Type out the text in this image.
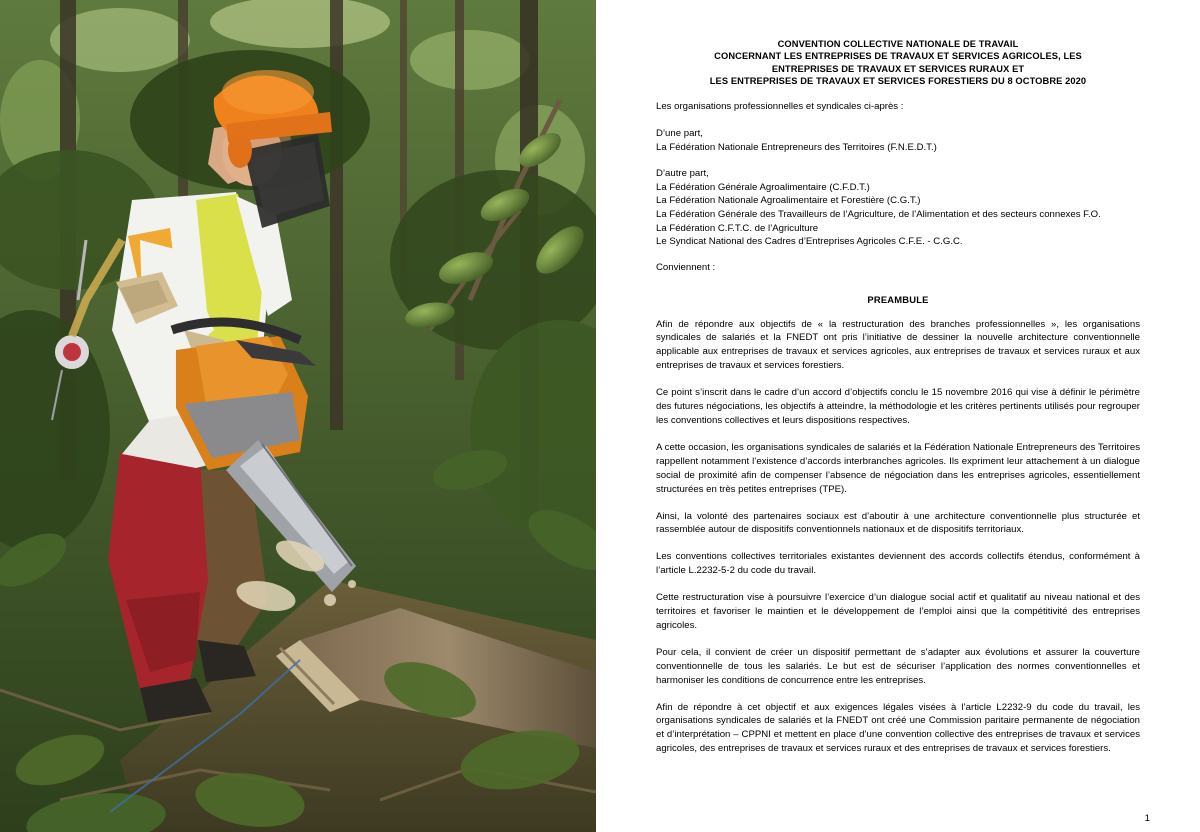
CONVENTION COLLECTIVE NATIONALE DE TRAVAIL
CONCERNANT LES ENTREPRISES DE TRAVAUX ET SERVICES AGRICOLES, LES
ENTREPRISES DE TRAVAUX ET SERVICES RURAUX ET
LES ENTREPRISES DE TRAVAUX ET SERVICES FORESTIERS DU 8 OCTOBRE 2020
Les organisations professionnelles et syndicales ci-après :
D’une part,
La Fédération Nationale Entrepreneurs des Territoires (F.N.E.D.T.)
D’autre part,
La Fédération Générale Agroalimentaire (C.F.D.T.)
La Fédération Nationale Agroalimentaire et Forestière (C.G.T.)
La Fédération Générale des Travailleurs de l’Agriculture, de l’Alimentation et des secteurs connexes F.O.
La Fédération C.F.T.C. de l’Agriculture
Le Syndicat National des Cadres d’Entreprises Agricoles C.F.E. - C.G.C.
Conviennent :
PREAMBULE
Afin de répondre aux objectifs de « la restructuration des branches professionnelles », les organisations syndicales de salariés et la FNEDT ont pris l’initiative de dessiner la nouvelle architecture conventionnelle applicable aux entreprises de travaux et services agricoles, aux entreprises de travaux et services ruraux et aux entreprises de travaux et services forestiers.
Ce point s’inscrit dans le cadre d’un accord d’objectifs conclu le 15 novembre 2016 qui vise à définir le périmètre des futures négociations, les objectifs à atteindre, la méthodologie et les critères pertinents utilisés pour regrouper les conventions collectives et leurs dispositions respectives.
A cette occasion, les organisations syndicales de salariés et la Fédération Nationale Entrepreneurs des Territoires rappellent notamment l’existence d’accords interbranches agricoles. Ils expriment leur attachement à un dialogue social de proximité afin de compenser l’absence de négociation dans les entreprises agricoles, essentiellement structurées en très petites entreprises (TPE).
Ainsi, la volonté des partenaires sociaux est d’aboutir à une architecture conventionnelle plus structurée et rassemblée autour de dispositifs conventionnels nationaux et de dispositifs territoriaux.
Les conventions collectives territoriales existantes deviennent des accords collectifs étendus, conformément à l’article L.2232-5-2 du code du travail.
Cette restructuration vise à poursuivre l’exercice d’un dialogue social actif et qualitatif au niveau national et des territoires et favoriser le maintien et le développement de l’emploi ainsi que la compétitivité des entreprises agricoles.
Pour cela, il convient de créer un dispositif permettant de s’adapter aux évolutions et assurer la couverture conventionnelle de tous les salariés. Le but est de sécuriser l’application des normes conventionnelles et harmoniser les conditions de concurrence entre les entreprises.
Afin de répondre à cet objectif et aux exigences légales visées à l’article L2232-9 du code du travail, les organisations syndicales de salariés et la FNEDT ont créé une Commission paritaire permanente de négociation et d’interprétation – CPPNI et mettent en place d’une convention collective des entreprises de travaux et services agricoles, des entreprises de travaux et services ruraux et des entreprises de travaux et services forestiers.
1
